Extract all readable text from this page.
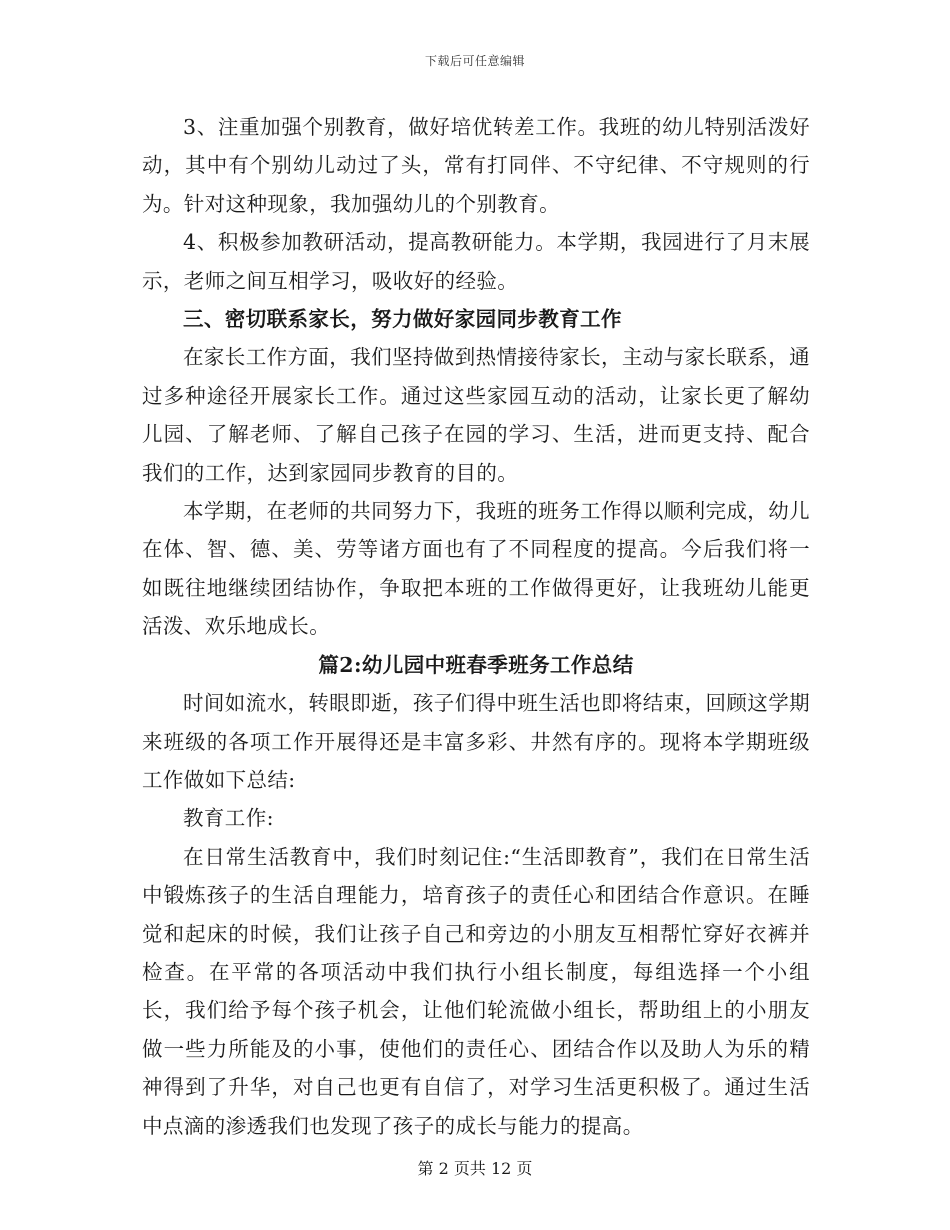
下载后可任意编辑

3、注重加强个别教育，做好培优转差工作。我班的幼儿特别活泼好动，其中有个别幼儿动过了头，常有打同伴、不守纪律、不守规则的行为。针对这种现象，我加强幼儿的个别教育。

4、积极参加教研活动，提高教研能力。本学期，我园进行了月末展示，老师之间互相学习，吸收好的经验。

三、密切联系家长，努力做好家园同步教育工作

在家长工作方面，我们坚持做到热情接待家长，主动与家长联系，通过多种途径开展家长工作。通过这些家园互动的活动，让家长更了解幼儿园、了解老师、了解自己孩子在园的学习、生活，进而更支持、配合我们的工作，达到家园同步教育的目的。

本学期，在老师的共同努力下，我班的班务工作得以顺利完成，幼儿在体、智、德、美、劳等诸方面也有了不同程度的提高。今后我们将一如既往地继续团结协作，争取把本班的工作做得更好，让我班幼儿能更活泼、欢乐地成长。

篇2:幼儿园中班春季班务工作总结

时间如流水，转眼即逝，孩子们得中班生活也即将结束，回顾这学期来班级的各项工作开展得还是丰富多彩、井然有序的。现将本学期班级工作做如下总结:

教育工作:

在日常生活教育中，我们时刻记住:“生活即教育”，我们在日常生活中锻炼孩子的生活自理能力，培育孩子的责任心和团结合作意识。在睡觉和起床的时候，我们让孩子自己和旁边的小朋友互相帮忙穿好衣裤并检查。在平常的各项活动中我们执行小组长制度，每组选择一个小组长，我们给予每个孩子机会，让他们轮流做小组长，帮助组上的小朋友做一些力所能及的小事，使他们的责任心、团结合作以及助人为乐的精神得到了升华，对自己也更有自信了，对学习生活更积极了。通过生活中点滴的渗透我们也发现了孩子的成长与能力的提高。

第 2 页共 12 页
